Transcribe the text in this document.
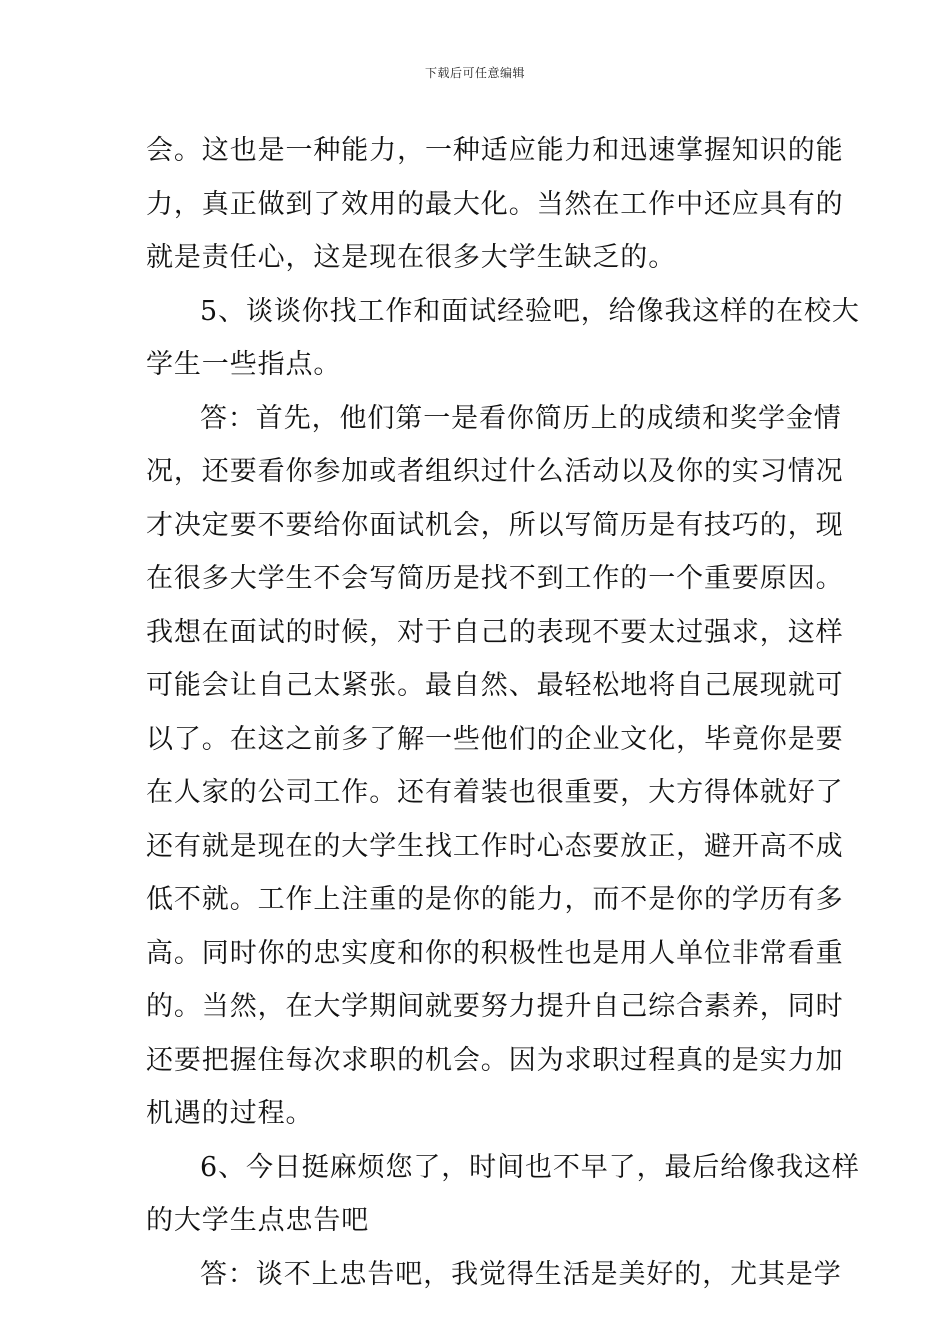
下载后可任意编辑
会。这也是一种能力，一种适应能力和迅速掌握知识的能
力，真正做到了效用的最大化。当然在工作中还应具有的
就是责任心，这是现在很多大学生缺乏的。
5、谈谈你找工作和面试经验吧，给像我这样的在校大
学生一些指点。
答：首先，他们第一是看你简历上的成绩和奖学金情
况，还要看你参加或者组织过什么活动以及你的实习情况
才决定要不要给你面试机会，所以写简历是有技巧的，现
在很多大学生不会写简历是找不到工作的一个重要原因。
我想在面试的时候，对于自己的表现不要太过强求，这样
可能会让自己太紧张。最自然、最轻松地将自己展现就可
以了。在这之前多了解一些他们的企业文化，毕竟你是要
在人家的公司工作。还有着装也很重要，大方得体就好了
还有就是现在的大学生找工作时心态要放正，避开高不成
低不就。工作上注重的是你的能力，而不是你的学历有多
高。同时你的忠实度和你的积极性也是用人单位非常看重
的。当然，在大学期间就要努力提升自己综合素养，同时
还要把握住每次求职的机会。因为求职过程真的是实力加
机遇的过程。
6、今日挺麻烦您了，时间也不早了，最后给像我这样
的大学生点忠告吧
答：谈不上忠告吧，我觉得生活是美好的，尤其是学
